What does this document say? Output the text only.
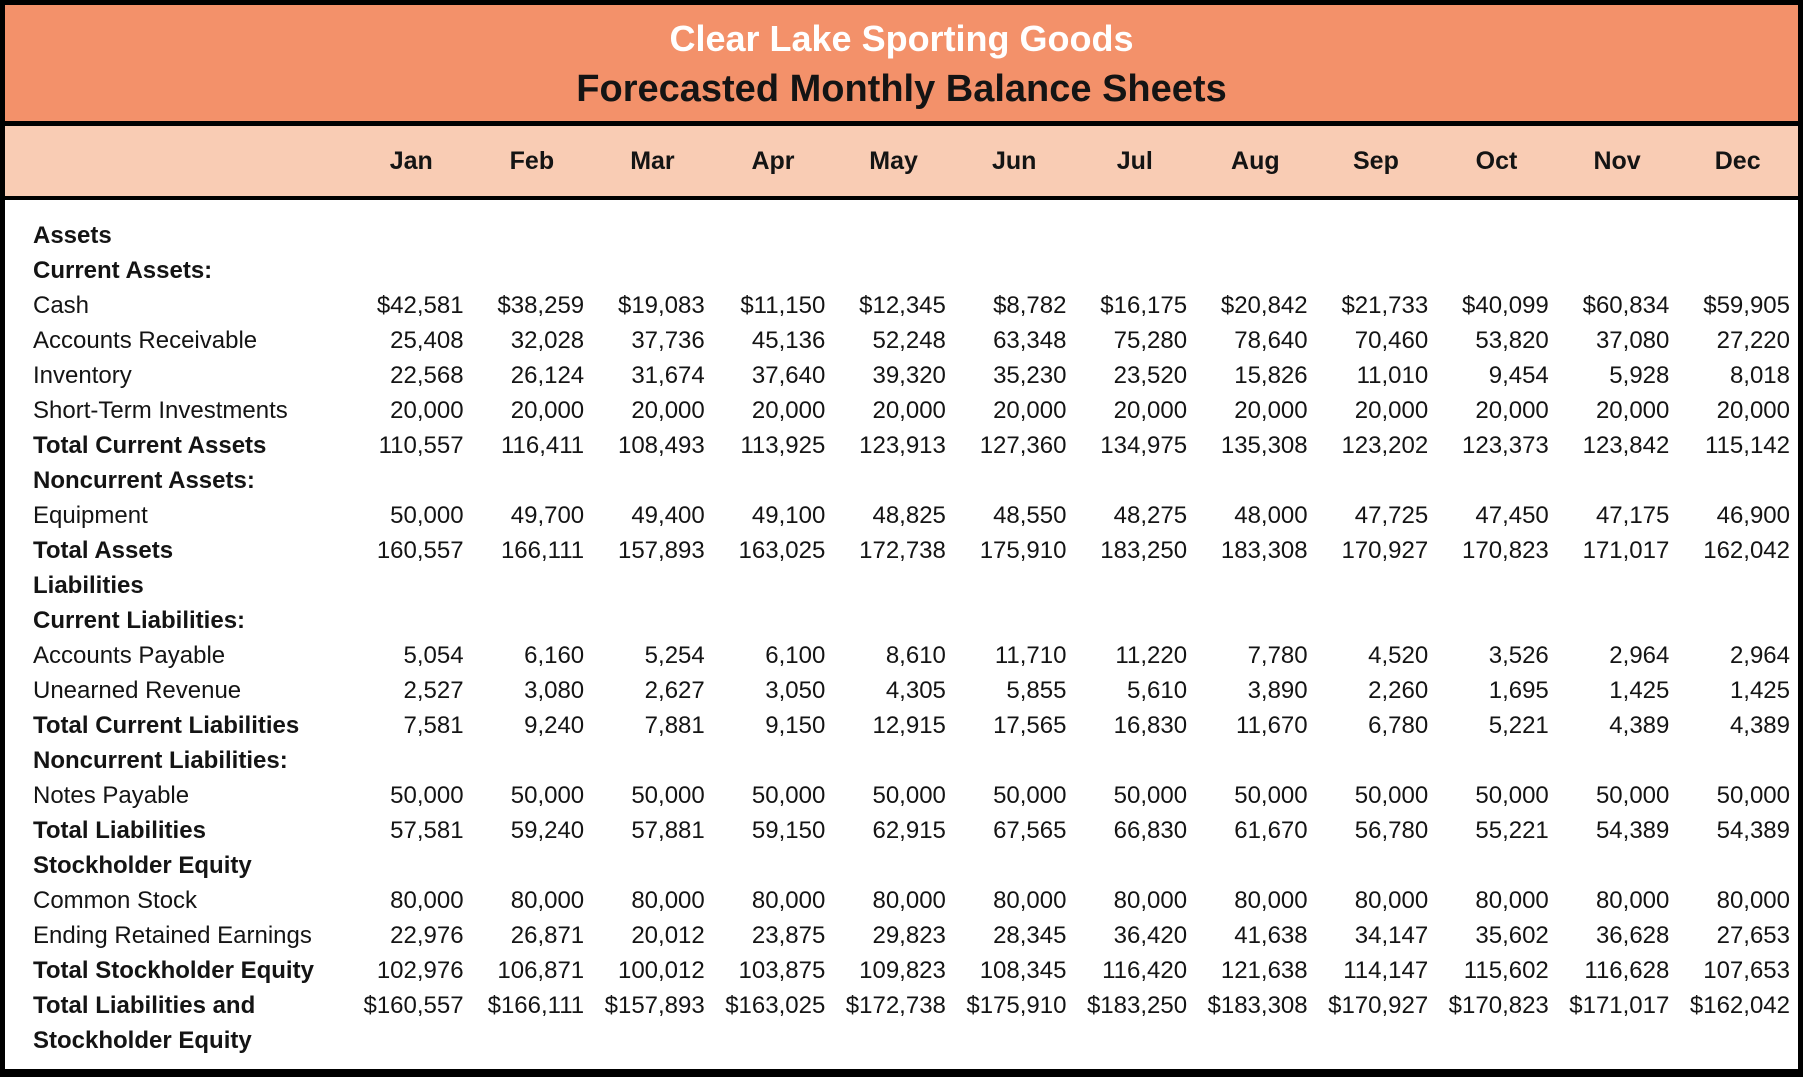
Clear Lake Sporting Goods
Forecasted Monthly Balance Sheets
	Jan	Feb	Mar	Apr	May	Jun	Jul	Aug	Sep	Oct	Nov	Dec
Assets												
Current Assets:												
Cash	$42,581	$38,259	$19,083	$11,150	$12,345	$8,782	$16,175	$20,842	$21,733	$40,099	$60,834	$59,905
Accounts Receivable	25,408	32,028	37,736	45,136	52,248	63,348	75,280	78,640	70,460	53,820	37,080	27,220
Inventory	22,568	26,124	31,674	37,640	39,320	35,230	23,520	15,826	11,010	9,454	5,928	8,018
Short-Term Investments	20,000	20,000	20,000	20,000	20,000	20,000	20,000	20,000	20,000	20,000	20,000	20,000
Total Current Assets	110,557	116,411	108,493	113,925	123,913	127,360	134,975	135,308	123,202	123,373	123,842	115,142
Noncurrent Assets:												
Equipment	50,000	49,700	49,400	49,100	48,825	48,550	48,275	48,000	47,725	47,450	47,175	46,900
Total Assets	160,557	166,111	157,893	163,025	172,738	175,910	183,250	183,308	170,927	170,823	171,017	162,042
Liabilities												
Current Liabilities:												
Accounts Payable	5,054	6,160	5,254	6,100	8,610	11,710	11,220	7,780	4,520	3,526	2,964	2,964
Unearned Revenue	2,527	3,080	2,627	3,050	4,305	5,855	5,610	3,890	2,260	1,695	1,425	1,425
Total Current Liabilities	7,581	9,240	7,881	9,150	12,915	17,565	16,830	11,670	6,780	5,221	4,389	4,389
Noncurrent Liabilities:												
Notes Payable	50,000	50,000	50,000	50,000	50,000	50,000	50,000	50,000	50,000	50,000	50,000	50,000
Total Liabilities	57,581	59,240	57,881	59,150	62,915	67,565	66,830	61,670	56,780	55,221	54,389	54,389
Stockholder Equity												
Common Stock	80,000	80,000	80,000	80,000	80,000	80,000	80,000	80,000	80,000	80,000	80,000	80,000
Ending Retained Earnings	22,976	26,871	20,012	23,875	29,823	28,345	36,420	41,638	34,147	35,602	36,628	27,653
Total Stockholder Equity	102,976	106,871	100,012	103,875	109,823	108,345	116,420	121,638	114,147	115,602	116,628	107,653
Total Liabilities and Stockholder Equity	$160,557	$166,111	$157,893	$163,025	$172,738	$175,910	$183,250	$183,308	$170,927	$170,823	$171,017	$162,042
